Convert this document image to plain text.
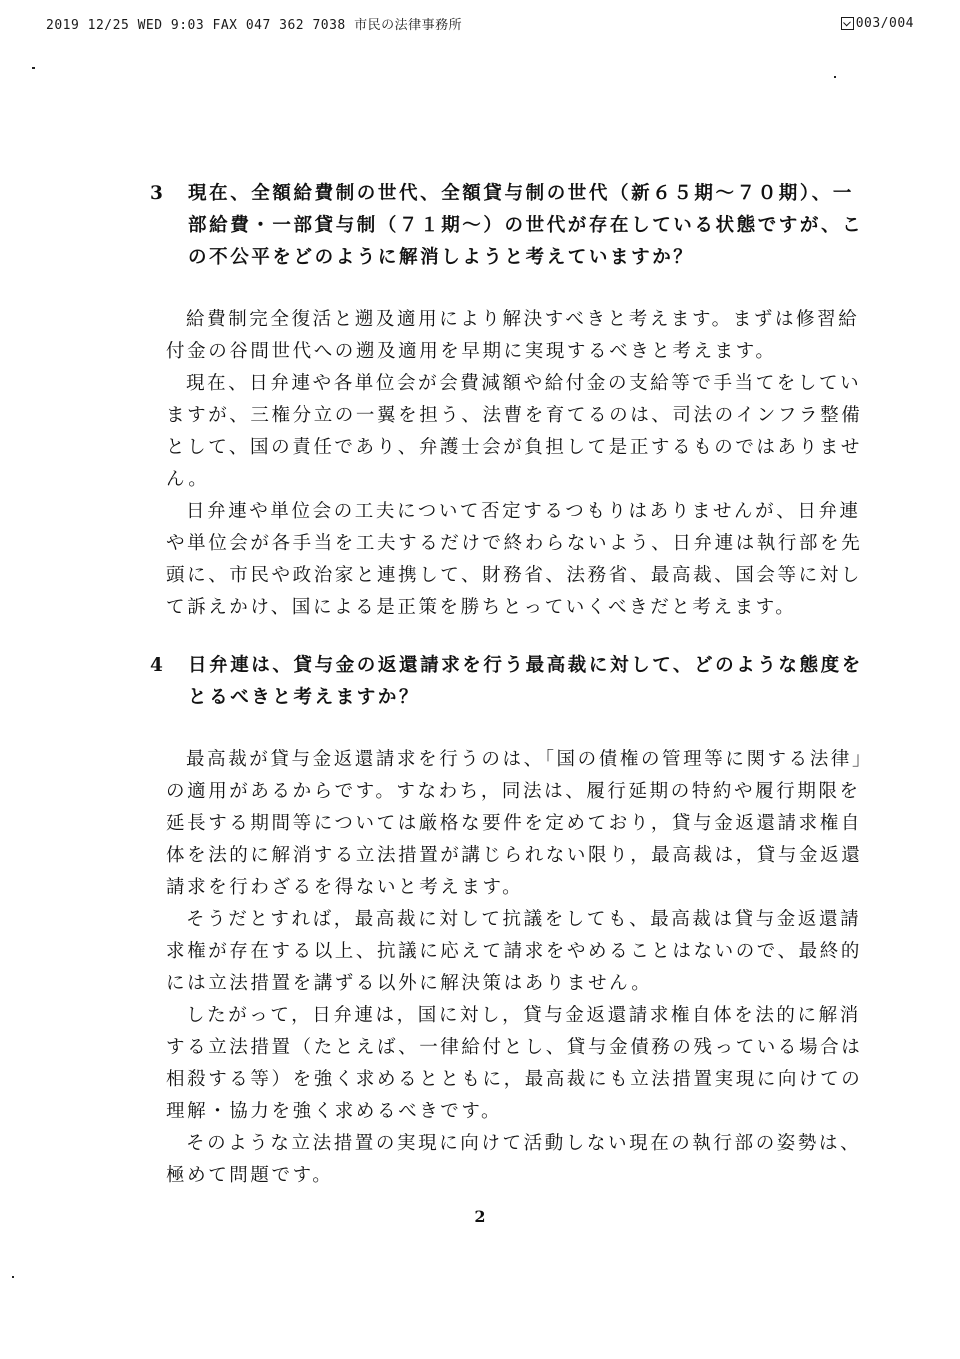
2019 12/25 WED 9:03 FAX 047 362 7038 市民の法律事務所	003/004
3	現在、全額給費制の世代、全額貸与制の世代（新６５期〜７０期）、一部給費・一部貸与制（７１期〜）の世代が存在している状態ですが、この不公平をどのように解消しようと考えていますか？

給費制完全復活と遡及適用により解決すべきと考えます。まずは修習給付金の谷間世代への遡及適用を早期に実現するべきと考えます。

現在、日弁連や各単位会が会費減額や給付金の支給等で手当てをしていますが、三権分立の一翼を担う、法曹を育てるのは、司法のインフラ整備として、国の責任であり、弁護士会が負担して是正するものではありません。

日弁連や単位会の工夫について否定するつもりはありませんが、日弁連や単位会が各手当を工夫するだけで終わらないよう、日弁連は執行部を先頭に、市民や政治家と連携して、財務省、法務省、最高裁、国会等に対して訴えかけ、国による是正策を勝ちとっていくべきだと考えます。

4	日弁連は、貸与金の返還請求を行う最高裁に対して、どのような態度をとるべきと考えますか？

最高裁が貸与金返還請求を行うのは、「国の債権の管理等に関する法律」の適用があるからです。すなわち，同法は、履行延期の特約や履行期限を延長する期間等については厳格な要件を定めており，貸与金返還請求権自体を法的に解消する立法措置が講じられない限り，最高裁は，貸与金返還請求を行わざるを得ないと考えます。

そうだとすれば，最高裁に対して抗議をしても、最高裁は貸与金返還請求権が存在する以上、抗議に応えて請求をやめることはないので、最終的には立法措置を講ずる以外に解決策はありません。

したがって，日弁連は，国に対し，貸与金返還請求権自体を法的に解消する立法措置（たとえば、一律給付とし、貸与金債務の残っている場合は相殺する等）を強く求めるとともに，最高裁にも立法措置実現に向けての理解・協力を強く求めるべきです。

そのような立法措置の実現に向けて活動しない現在の執行部の姿勢は、極めて問題です。

2
